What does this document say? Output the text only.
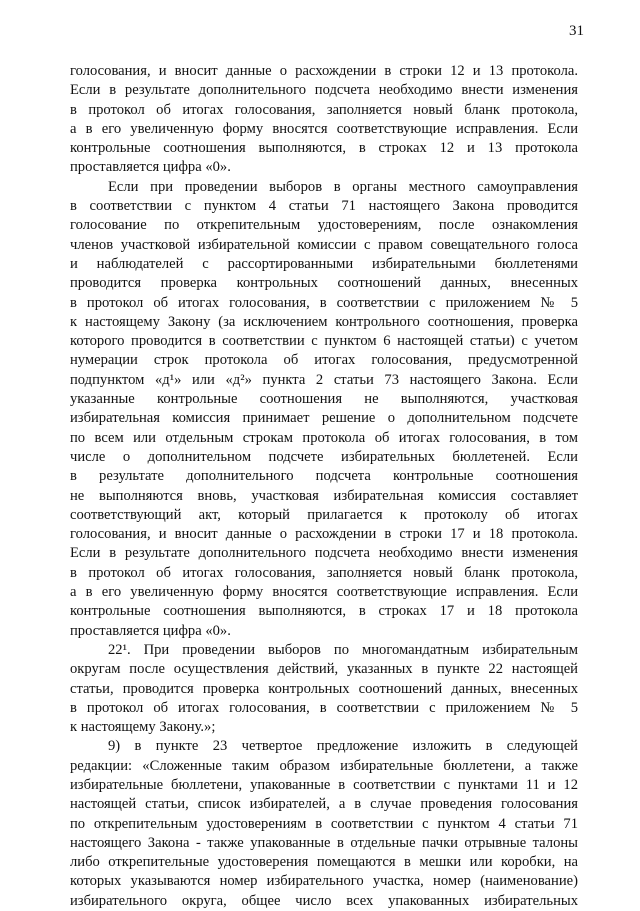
31
голосования, и вносит данные о расхождении в строки 12 и 13 протокола.
Если в результате дополнительного подсчета необходимо внести изменения
в протокол об итогах голосования, заполняется новый бланк протокола,
а в его увеличенную форму вносятся соответствующие исправления. Если
контрольные соотношения выполняются, в строках 12 и 13 протокола
проставляется цифра «0».
Если при проведении выборов в органы местного самоуправления
в соответствии с пунктом 4 статьи 71 настоящего Закона проводится
голосование по открепительным удостоверениям, после ознакомления
членов участковой избирательной комиссии с правом совещательного голоса
и наблюдателей с рассортированными избирательными бюллетенями
проводится проверка контрольных соотношений данных, внесенных
в протокол об итогах голосования, в соответствии с приложением № 5
к настоящему Закону (за исключением контрольного соотношения, проверка
которого проводится в соответствии с пунктом 6 настоящей статьи) с учетом
нумерации строк протокола об итогах голосования, предусмотренной
подпунктом «д¹» или «д²» пункта 2 статьи 73 настоящего Закона. Если
указанные контрольные соотношения не выполняются, участковая
избирательная комиссия принимает решение о дополнительном подсчете
по всем или отдельным строкам протокола об итогах голосования, в том
числе о дополнительном подсчете избирательных бюллетеней. Если
в результате дополнительного подсчета контрольные соотношения
не выполняются вновь, участковая избирательная комиссия составляет
соответствующий акт, который прилагается к протоколу об итогах
голосования, и вносит данные о расхождении в строки 17 и 18 протокола.
Если в результате дополнительного подсчета необходимо внести изменения
в протокол об итогах голосования, заполняется новый бланк протокола,
а в его увеличенную форму вносятся соответствующие исправления. Если
контрольные соотношения выполняются, в строках 17 и 18 протокола
проставляется цифра «0».
22¹. При проведении выборов по многомандатным избирательным
округам после осуществления действий, указанных в пункте 22 настоящей
статьи, проводится проверка контрольных соотношений данных, внесенных
в протокол об итогах голосования, в соответствии с приложением № 5
к настоящему Закону.»;
9) в пункте 23 четвертое предложение изложить в следующей
редакции: «Сложенные таким образом избирательные бюллетени, а также
избирательные бюллетени, упакованные в соответствии с пунктами 11 и 12
настоящей статьи, список избирателей, а в случае проведения голосования
по открепительным удостоверениям в соответствии с пунктом 4 статьи 71
настоящего Закона - также упакованные в отдельные пачки отрывные талоны
либо открепительные удостоверения помещаются в мешки или коробки, на
которых указываются номер избирательного участка, номер (наименование)
избирательного округа, общее число всех упакованных избирательных
